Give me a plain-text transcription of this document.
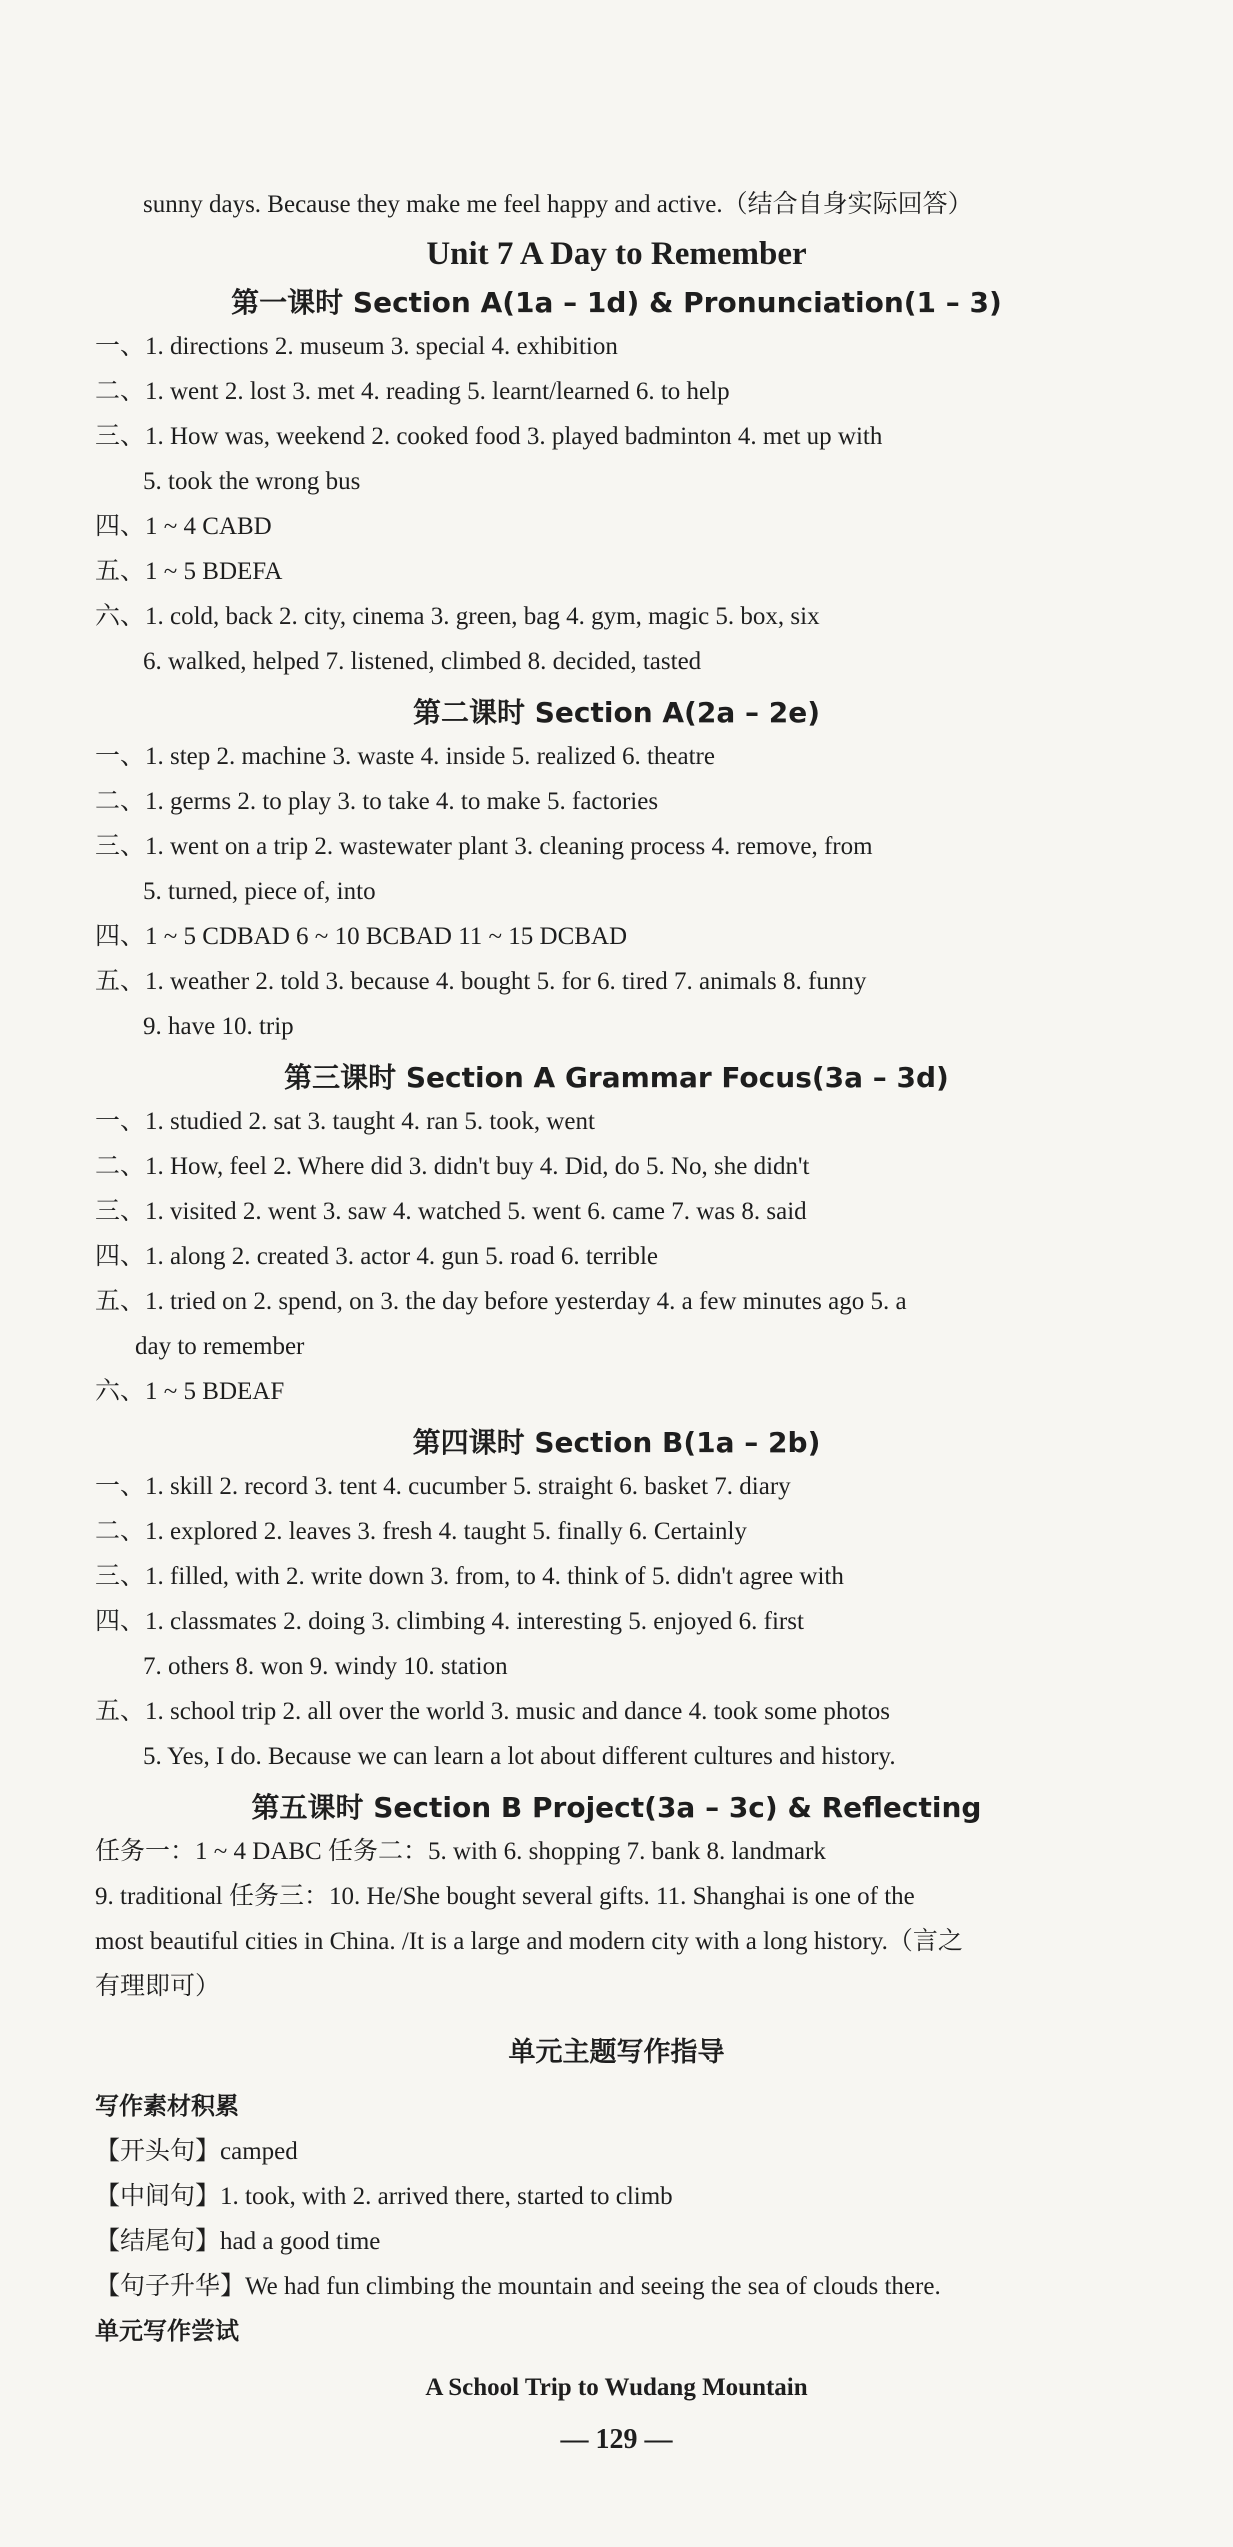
sunny days. Because they make me feel happy and active.（结合自身实际回答）
Unit 7 A Day to Remember
第一课时 Section A(1a – 1d) & Pronunciation(1 – 3)
一、1. directions 2. museum 3. special 4. exhibition
二、1. went 2. lost 3. met 4. reading 5. learnt/learned 6. to help
三、1. How was, weekend 2. cooked food 3. played badminton 4. met up with
5. took the wrong bus
四、1 ~ 4 CABD
五、1 ~ 5 BDEFA
六、1. cold, back 2. city, cinema 3. green, bag 4. gym, magic 5. box, six
6. walked, helped 7. listened, climbed 8. decided, tasted
第二课时 Section A(2a – 2e)
一、1. step 2. machine 3. waste 4. inside 5. realized 6. theatre
二、1. germs 2. to play 3. to take 4. to make 5. factories
三、1. went on a trip 2. wastewater plant 3. cleaning process 4. remove, from
5. turned, piece of, into
四、1 ~ 5 CDBAD 6 ~ 10 BCBAD 11 ~ 15 DCBAD
五、1. weather 2. told 3. because 4. bought 5. for 6. tired 7. animals 8. funny
9. have 10. trip
第三课时 Section A Grammar Focus(3a – 3d)
一、1. studied 2. sat 3. taught 4. ran 5. took, went
二、1. How, feel 2. Where did 3. didn't buy 4. Did, do 5. No, she didn't
三、1. visited 2. went 3. saw 4. watched 5. went 6. came 7. was 8. said
四、1. along 2. created 3. actor 4. gun 5. road 6. terrible
五、1. tried on 2. spend, on 3. the day before yesterday 4. a few minutes ago 5. a
day to remember
六、1 ~ 5 BDEAF
第四课时 Section B(1a – 2b)
一、1. skill 2. record 3. tent 4. cucumber 5. straight 6. basket 7. diary
二、1. explored 2. leaves 3. fresh 4. taught 5. finally 6. Certainly
三、1. filled, with 2. write down 3. from, to 4. think of 5. didn't agree with
四、1. classmates 2. doing 3. climbing 4. interesting 5. enjoyed 6. first
7. others 8. won 9. windy 10. station
五、1. school trip 2. all over the world 3. music and dance 4. took some photos
5. Yes, I do. Because we can learn a lot about different cultures and history.
第五课时 Section B Project(3a – 3c) & Reflecting
任务一：1 ~ 4 DABC 任务二：5. with 6. shopping 7. bank 8. landmark
9. traditional 任务三：10. He/She bought several gifts. 11. Shanghai is one of the
most beautiful cities in China. /It is a large and modern city with a long history.（言之
有理即可）
单元主题写作指导
写作素材积累
【开头句】camped
【中间句】1. took, with 2. arrived there, started to climb
【结尾句】had a good time
【句子升华】We had fun climbing the mountain and seeing the sea of clouds there.
单元写作尝试
A School Trip to Wudang Mountain
— 129 —
